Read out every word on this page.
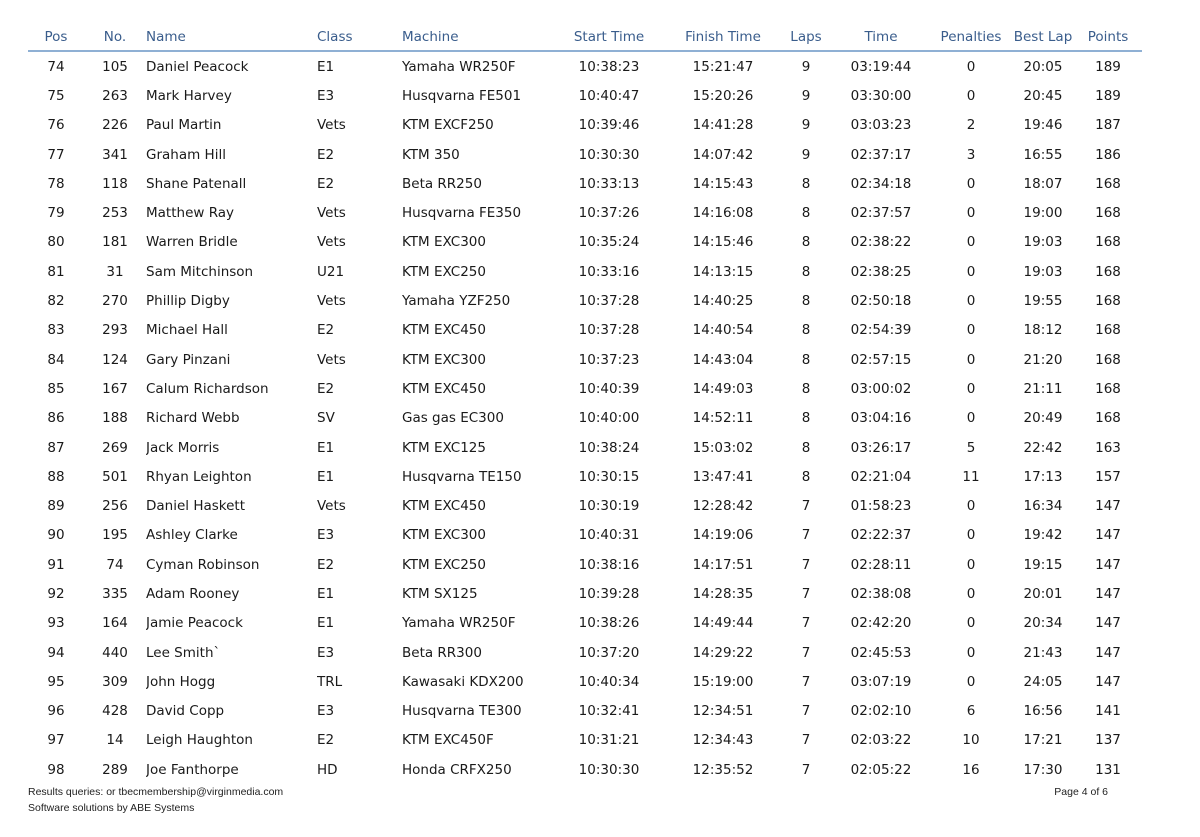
Pos	No.	Name	Class	Machine	Start Time	Finish Time	Laps	Time	Penalties	Best Lap	Points
74	105	Daniel Peacock	E1	Yamaha WR250F	10:38:23	15:21:47	9	03:19:44	0	20:05	189
75	263	Mark Harvey	E3	Husqvarna FE501	10:40:47	15:20:26	9	03:30:00	0	20:45	189
76	226	Paul Martin	Vets	KTM EXCF250	10:39:46	14:41:28	9	03:03:23	2	19:46	187
77	341	Graham Hill	E2	KTM 350	10:30:30	14:07:42	9	02:37:17	3	16:55	186
78	118	Shane Patenall	E2	Beta RR250	10:33:13	14:15:43	8	02:34:18	0	18:07	168
79	253	Matthew Ray	Vets	Husqvarna FE350	10:37:26	14:16:08	8	02:37:57	0	19:00	168
80	181	Warren Bridle	Vets	KTM EXC300	10:35:24	14:15:46	8	02:38:22	0	19:03	168
81	31	Sam Mitchinson	U21	KTM EXC250	10:33:16	14:13:15	8	02:38:25	0	19:03	168
82	270	Phillip Digby	Vets	Yamaha YZF250	10:37:28	14:40:25	8	02:50:18	0	19:55	168
83	293	Michael Hall	E2	KTM EXC450	10:37:28	14:40:54	8	02:54:39	0	18:12	168
84	124	Gary Pinzani	Vets	KTM EXC300	10:37:23	14:43:04	8	02:57:15	0	21:20	168
85	167	Calum Richardson	E2	KTM EXC450	10:40:39	14:49:03	8	03:00:02	0	21:11	168
86	188	Richard Webb	SV	Gas gas EC300	10:40:00	14:52:11	8	03:04:16	0	20:49	168
87	269	Jack Morris	E1	KTM EXC125	10:38:24	15:03:02	8	03:26:17	5	22:42	163
88	501	Rhyan Leighton	E1	Husqvarna TE150	10:30:15	13:47:41	8	02:21:04	11	17:13	157
89	256	Daniel Haskett	Vets	KTM EXC450	10:30:19	12:28:42	7	01:58:23	0	16:34	147
90	195	Ashley Clarke	E3	KTM EXC300	10:40:31	14:19:06	7	02:22:37	0	19:42	147
91	74	Cyman Robinson	E2	KTM EXC250	10:38:16	14:17:51	7	02:28:11	0	19:15	147
92	335	Adam Rooney	E1	KTM SX125	10:39:28	14:28:35	7	02:38:08	0	20:01	147
93	164	Jamie Peacock	E1	Yamaha WR250F	10:38:26	14:49:44	7	02:42:20	0	20:34	147
94	440	Lee Smith`	E3	Beta RR300	10:37:20	14:29:22	7	02:45:53	0	21:43	147
95	309	John Hogg	TRL	Kawasaki KDX200	10:40:34	15:19:00	7	03:07:19	0	24:05	147
96	428	David Copp	E3	Husqvarna TE300	10:32:41	12:34:51	7	02:02:10	6	16:56	141
97	14	Leigh Haughton	E2	KTM EXC450F	10:31:21	12:34:43	7	02:03:22	10	17:21	137
98	289	Joe Fanthorpe	HD	Honda CRFX250	10:30:30	12:35:52	7	02:05:22	16	17:30	131
Results queries: or tbecmembership@virginmedia.com
Software solutions by ABE Systems
Page 4 of 6
